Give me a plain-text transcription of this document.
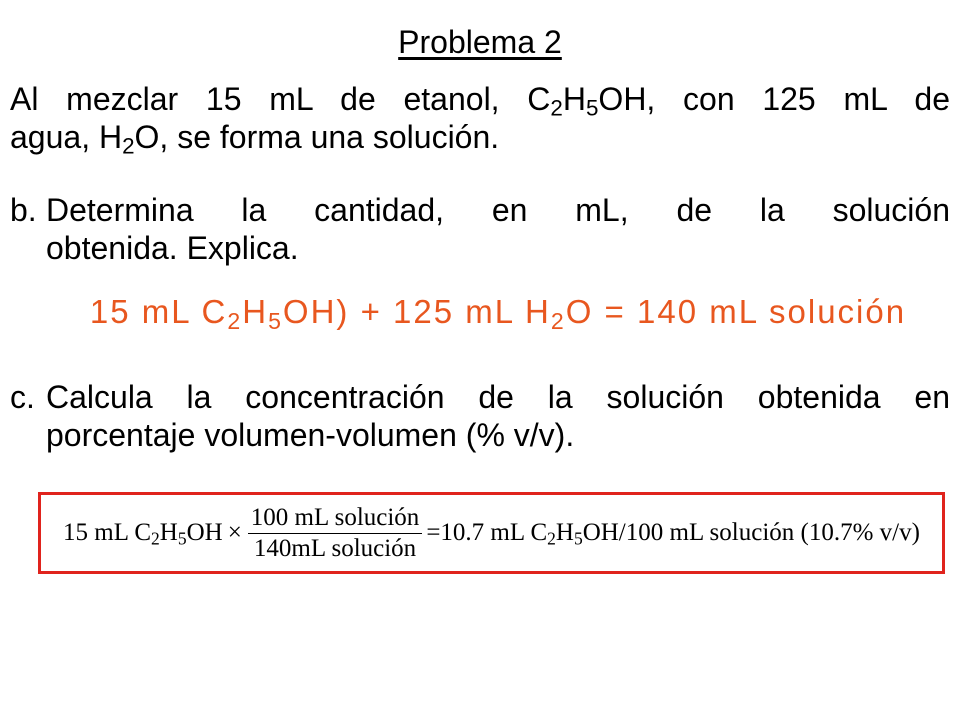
Problema 2
Al mezclar 15 mL de etanol, $C_2H_5OH$, con 125 mL de
agua, $H_2O$, se forma una solución.
b. Determina la cantidad, en mL, de la solución
obtenida. Explica.

15 mL $C_2H_5OH) + 125$ mL $H_2O = 140$ mL solución

c. Calcula la concentración de la solución obtenida en
porcentaje volumen-volumen (% v/v).
15 mL $C_2H_5OH \times \frac{\text{100 mL solución}}{\text{140mL solución}} =10.7$ mL $C_2H_5OH/100$ mL solución (10.7% v/v)
